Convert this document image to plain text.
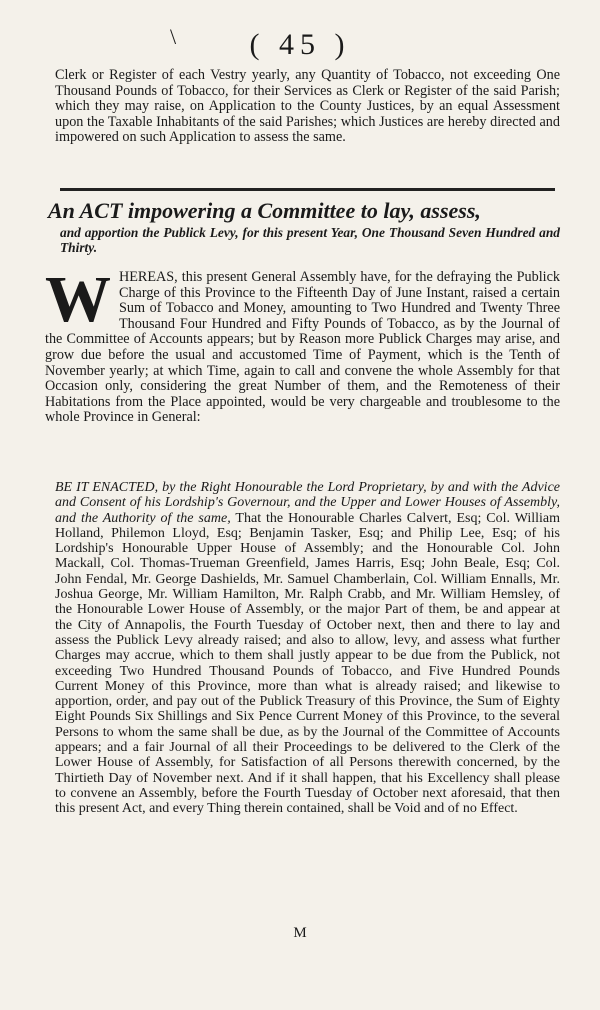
\	( 45 )
Clerk or Register of each Vestry yearly, any Quantity of Tobacco, not exceeding One Thousand Pounds of Tobacco, for their Services as Clerk or Register of the said Parish; which they may raise, on Application to the County Justices, by an equal Assessment upon the Taxable Inhabitants of the said Parishes; which Justices are hereby directed and impowered on such Application to assess the same.
An ACT impowering a Committee to lay, assess,
and apportion the Publick Levy, for this present Year, One Thousand Seven Hundred and Thirty.
WHEREAS, this present General Assembly have, for the defraying the Publick Charge of this Province to the Fifteenth Day of June Instant, raised a certain Sum of Tobacco and Money, amounting to Two Hundred and Twenty Three Thousand Four Hundred and Fifty Pounds of Tobacco, as by the Journal of the Committee of Accounts appears; but by Reason more Publick Charges may arise, and grow due before the usual and accustomed Time of Payment, which is the Tenth of November yearly; at which Time, again to call and convene the whole Assembly for that Occasion only, considering the great Number of them, and the Remoteness of their Habitations from the Place appointed, would be very chargeable and troublesome to the whole Province in General:
BE IT ENACTED, by the Right Honourable the Lord Proprietary, by and with the Advice and Consent of his Lordship's Governour, and the Upper and Lower Houses of Assembly, and the Authority of the same, That the Honourable Charles Calvert, Esq; Col. William Holland, Philemon Lloyd, Esq; Benjamin Tasker, Esq; and Philip Lee, Esq; of his Lordship's Honourable Upper House of Assembly; and the Honourable Col. John Mackall, Col. Thomas-Trueman Greenfield, James Harris, Esq; John Beale, Esq; Col. John Fendal, Mr. George Dashields, Mr. Samuel Chamberlain, Col. William Ennalls, Mr. Joshua George, Mr. William Hamilton, Mr. Ralph Crabb, and Mr. William Hemsley, of the Honourable Lower House of Assembly, or the major Part of them, be and appear at the City of Annapolis, the Fourth Tuesday of October next, then and there to lay and assess the Publick Levy already raised; and also to allow, levy, and assess what further Charges may accrue, which to them shall justly appear to be due from the Publick, not exceeding Two Hundred Thousand Pounds of Tobacco, and Five Hundred Pounds Current Money of this Province, more than what is already raised; and likewise to apportion, order, and pay out of the Publick Treasury of this Province, the Sum of Eighty Eight Pounds Six Shillings and Six Pence Current Money of this Province, to the several Persons to whom the same shall be due, as by the Journal of the Committee of Accounts appears; and a fair Journal of all their Proceedings to be delivered to the Clerk of the Lower House of Assembly, for Satisfaction of all Persons therewith concerned, by the Thirtieth Day of November next. And if it shall happen, that his Excellency shall please to convene an Assembly, before the Fourth Tuesday of October next aforesaid, that then this present Act, and every Thing therein contained, shall be Void and of no Effect.
M
